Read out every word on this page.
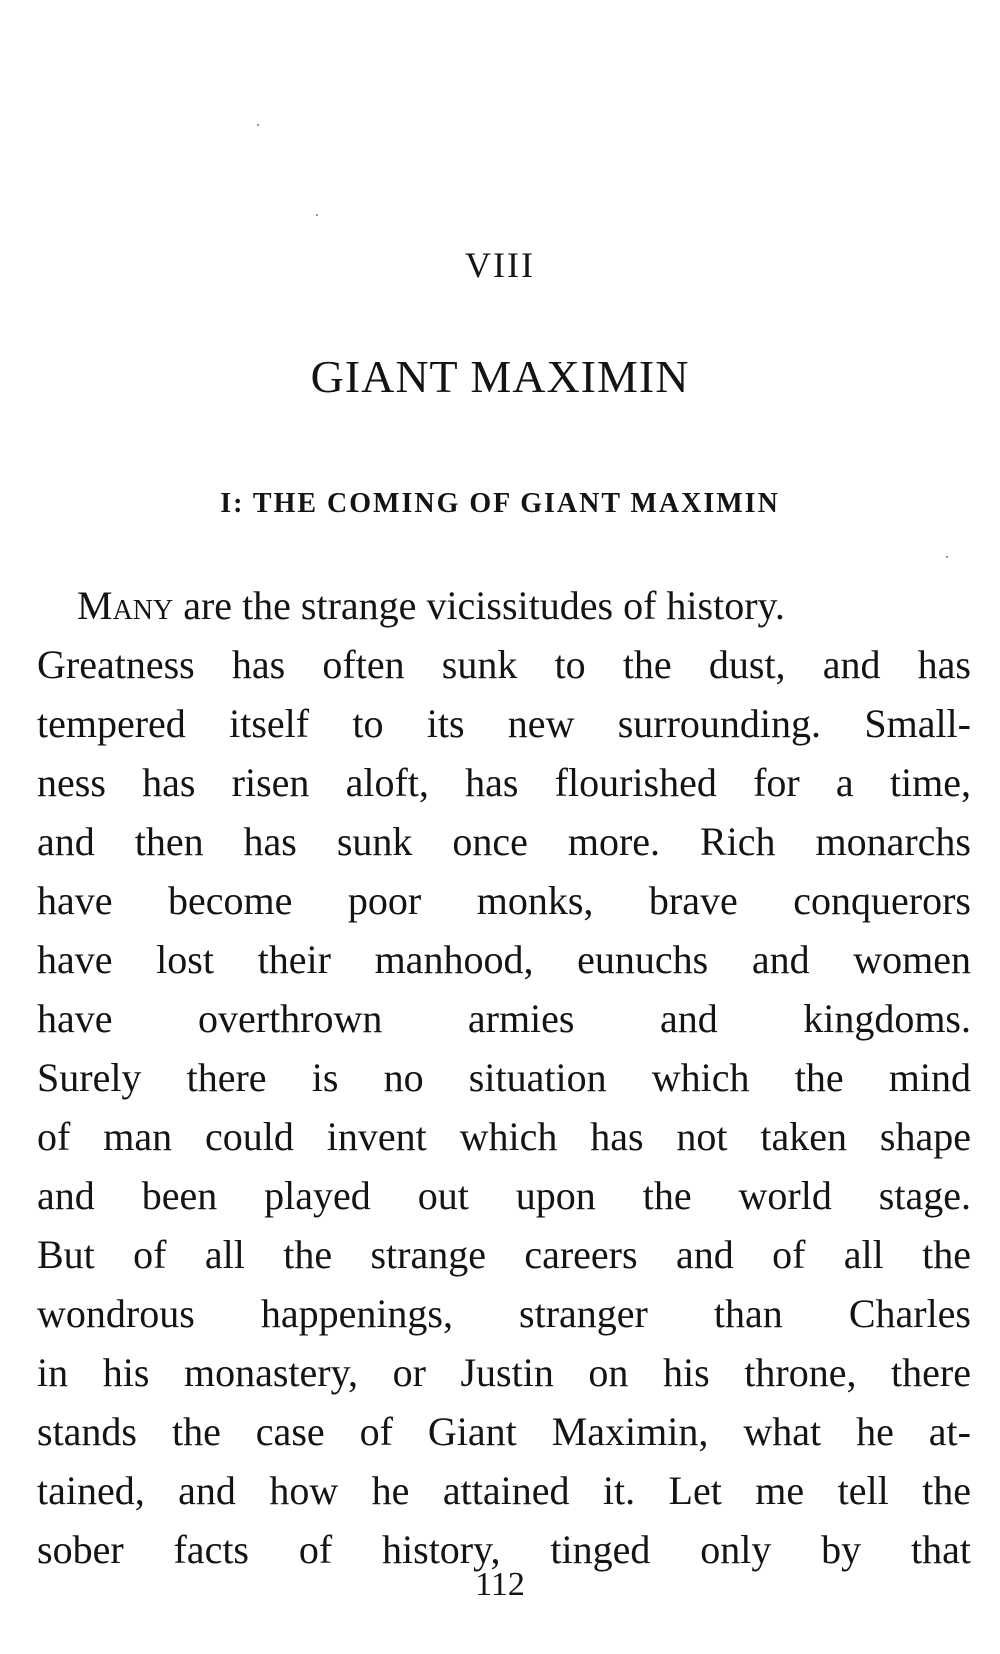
VIII
GIANT MAXIMIN
I: THE COMING OF GIANT MAXIMIN
Many are the strange vicissitudes of history.
Greatness has often sunk to the dust, and has
tempered itself to its new surrounding. Small-
ness has risen aloft, has flourished for a time,
and then has sunk once more. Rich monarchs
have become poor monks, brave conquerors
have lost their manhood, eunuchs and women
have overthrown armies and kingdoms.
Surely there is no situation which the mind
of man could invent which has not taken shape
and been played out upon the world stage.
But of all the strange careers and of all the
wondrous happenings, stranger than Charles
in his monastery, or Justin on his throne, there
stands the case of Giant Maximin, what he at-
tained, and how he attained it. Let me tell the
sober facts of history, tinged only by that
112
